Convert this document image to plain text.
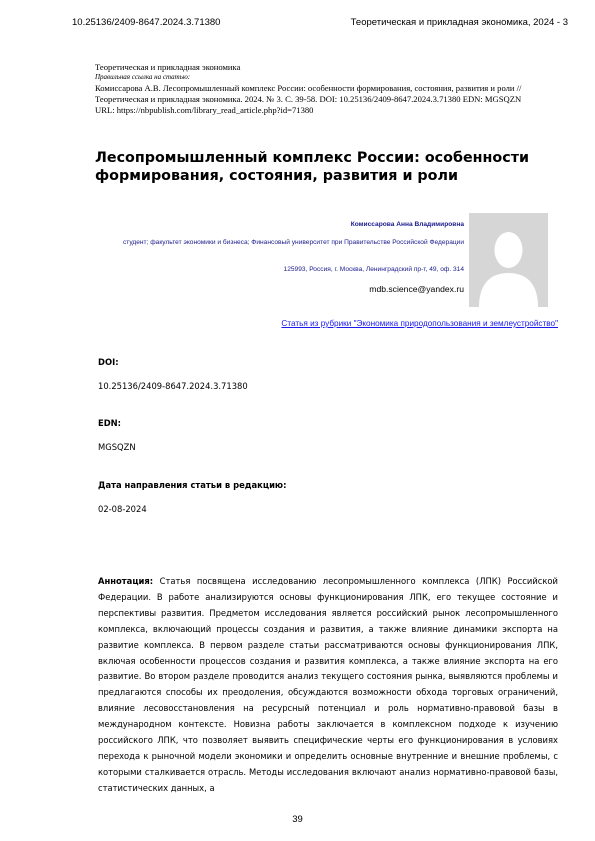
10.25136/2409-8647.2024.3.71380	Теоретическая и прикладная экономика, 2024 - 3
Теоретическая и прикладная экономика
Правильная ссылка на статью:
Комиссарова А.В. Лесопромышленный комплекс России: особенности формирования, состояния, развития и роли // Теоретическая и прикладная экономика. 2024. № 3. С. 39-58. DOI: 10.25136/2409-8647.2024.3.71380 EDN: MGSQZN URL: https://nbpublish.com/library_read_article.php?id=71380
Лесопромышленный комплекс России: особенности формирования, состояния, развития и роли
Комиссарова Анна Владимировна
студент; факультет экономики и бизнеса; Финансовый университет при Правительстве Российской Федерации
125993, Россия, г. Москва, Ленинградский пр-т, 49, оф. 314
mdb.science@yandex.ru
Статья из рубрики "Экономика природопользования и землеустройство"
DOI:
10.25136/2409-8647.2024.3.71380
EDN:
MGSQZN
Дата направления статьи в редакцию:
02-08-2024
Аннотация: Статья посвящена исследованию лесопромышленного комплекса (ЛПК) Российской Федерации. В работе анализируются основы функционирования ЛПК, его текущее состояние и перспективы развития. Предметом исследования является российский рынок лесопромышленного комплекса, включающий процессы создания и развития, а также влияние динамики экспорта на развитие комплекса. В первом разделе статьи рассматриваются основы функционирования ЛПК, включая особенности процессов создания и развития комплекса, а также влияние экспорта на его развитие. Во втором разделе проводится анализ текущего состояния рынка, выявляются проблемы и предлагаются способы их преодоления, обсуждаются возможности обхода торговых ограничений, влияние лесовосстановления на ресурсный потенциал и роль нормативно-правовой базы в международном контексте. Новизна работы заключается в комплексном подходе к изучению российского ЛПК, что позволяет выявить специфические черты его функционирования в условиях перехода к рыночной модели экономики и определить основные внутренние и внешние проблемы, с которыми сталкивается отрасль. Методы исследования включают анализ нормативно-правовой базы, статистических данных, а
39
